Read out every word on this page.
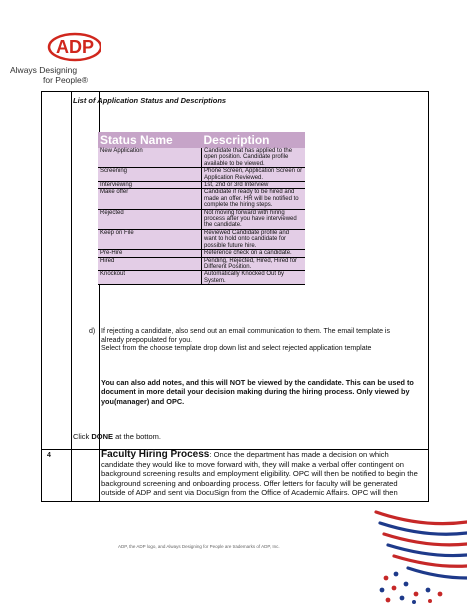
ADP
Always Designing
for People®
List of Application Status and Descriptions
Status Name	Description
New Application	Candidate that has applied to the open position. Candidate profile available to be viewed.
Screening	Phone Screen, Application Screen or Application Reviewed.
Interviewing	1st, 2nd or 3rd Interview
Make offer	Candidate if ready to be hired and made an offer. HR will be notified to complete the hiring steps.
Rejected	Not moving forward with hiring process after you have interviewed the candidate.
Keep on File	Reviewed Candidate profile and want to hold onto candidate for possible future hire.
Pre-Hire	Reference check on a candidate.
Hired	Pending, Rejected, Hired, Hired for Different Position.
Knockout	Automatically Knocked Out by System.
d) If rejecting a candidate, also send out an email communication to them. The email template is already prepopulated for you.
Select from the choose template drop down list and select rejected application template
You can also add notes, and this will NOT be viewed by the candidate. This can be used to document in more detail your decision making during the hiring process. Only viewed by you(manager) and OPC.
Click DONE at the bottom.
4	Faculty Hiring Process: Once the department has made a decision on which candidate they would like to move forward with, they will make a verbal offer contingent on background screening results and employment eligibility. OPC will then be notified to begin the background screening and onboarding process. Offer letters for faculty will be generated outside of ADP and sent via DocuSign from the Office of Academic Affairs. OPC will then
ADP, the ADP logo, and Always Designing for People are trademarks of ADP, Inc.
